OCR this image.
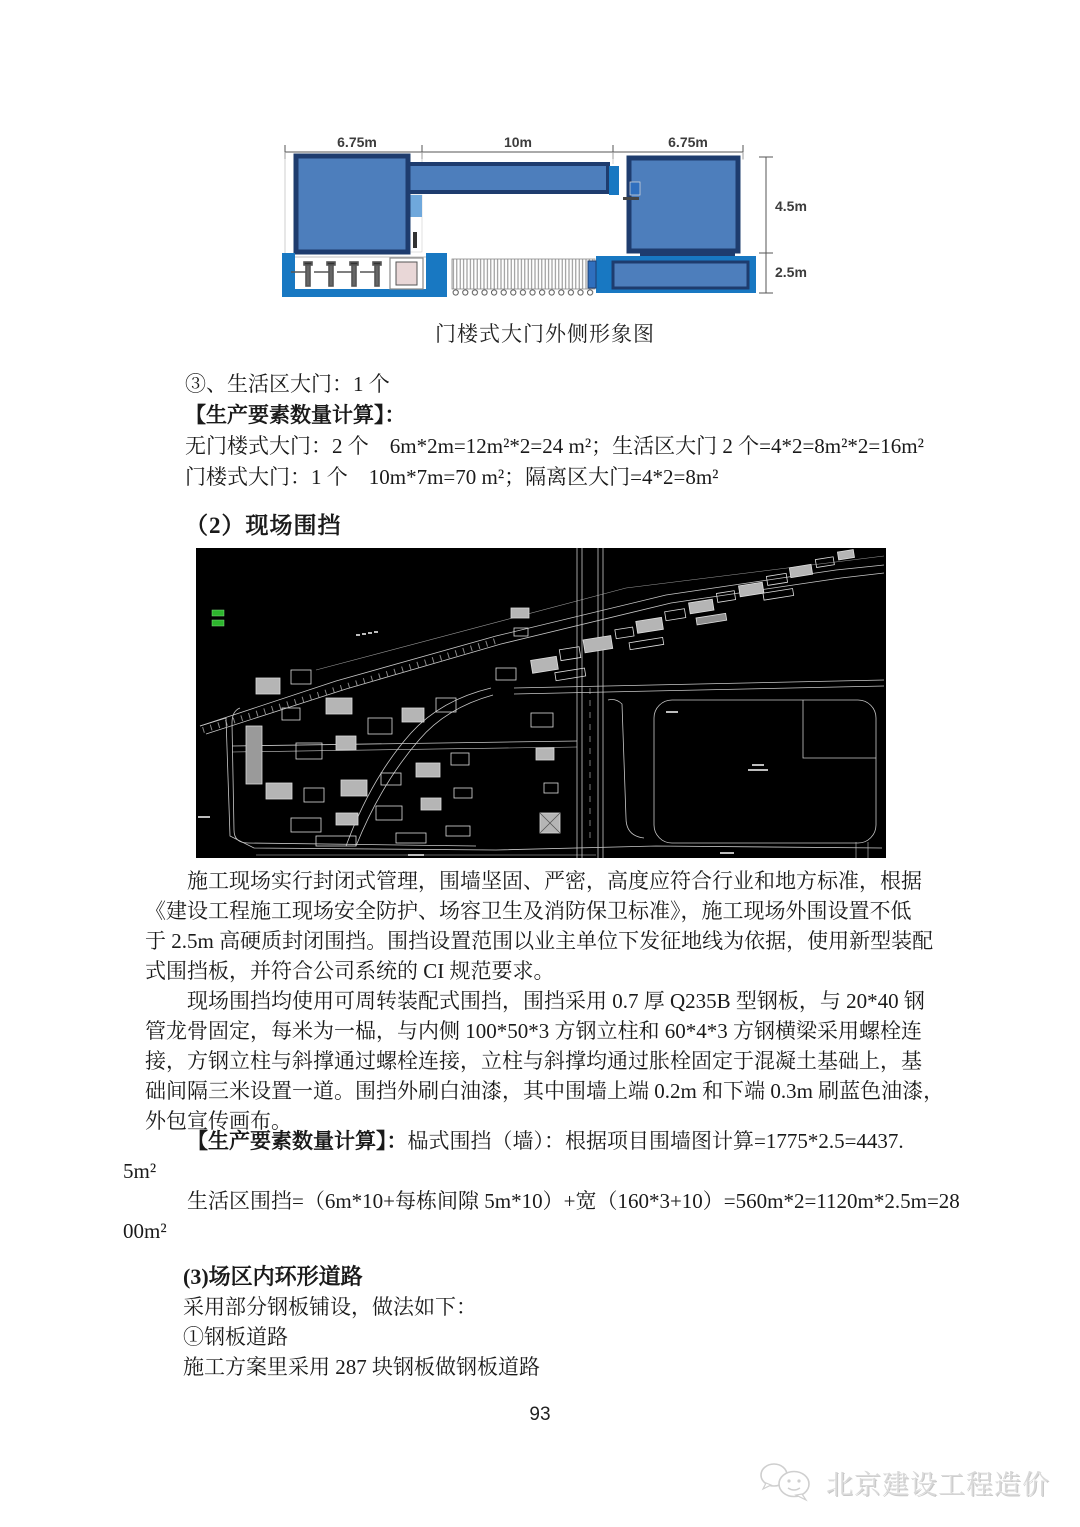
6.75m	10m	6.75m
4.5m
2.5m
门楼式大门外侧形象图
③、生活区大门：1 个
【生产要素数量计算】：
无门楼式大门：2 个　6m*2m=12m²*2=24 m²；生活区大门 2 个=4*2=8m²*2=16m²
门楼式大门：1 个　10m*7m=70 m²；隔离区大门=4*2=8m²
（2）现场围挡
施工现场实行封闭式管理，围墙坚固、严密，高度应符合行业和地方标准，根据
《建设工程施工现场安全防护、场容卫生及消防保卫标准》，施工现场外围设置不低
于 2.5m 高硬质封闭围挡。围挡设置范围以业主单位下发征地线为依据，使用新型装配
式围挡板，并符合公司系统的 CI 规范要求。
现场围挡均使用可周转装配式围挡，围挡采用 0.7 厚 Q235B 型钢板，与 20*40 钢
管龙骨固定，每米为一榀，与内侧 100*50*3 方钢立柱和 60*4*3 方钢横梁采用螺栓连
接，方钢立柱与斜撑通过螺栓连接，立柱与斜撑均通过胀栓固定于混凝土基础上，基
础间隔三米设置一道。围挡外刷白油漆，其中围墙上端 0.2m 和下端 0.3m 刷蓝色油漆，
外包宣传画布。
【生产要素数量计算】：榀式围挡（墙）：根据项目围墙图计算=1775*2.5=4437.
5m²
生活区围挡=（6m*10+每栋间隙 5m*10）+宽（160*3+10）=560m*2=1120m*2.5m=28
00m²
(3)场区内环形道路
采用部分钢板铺设，做法如下：
①钢板道路
施工方案里采用 287 块钢板做钢板道路
93
北京建设工程造价
